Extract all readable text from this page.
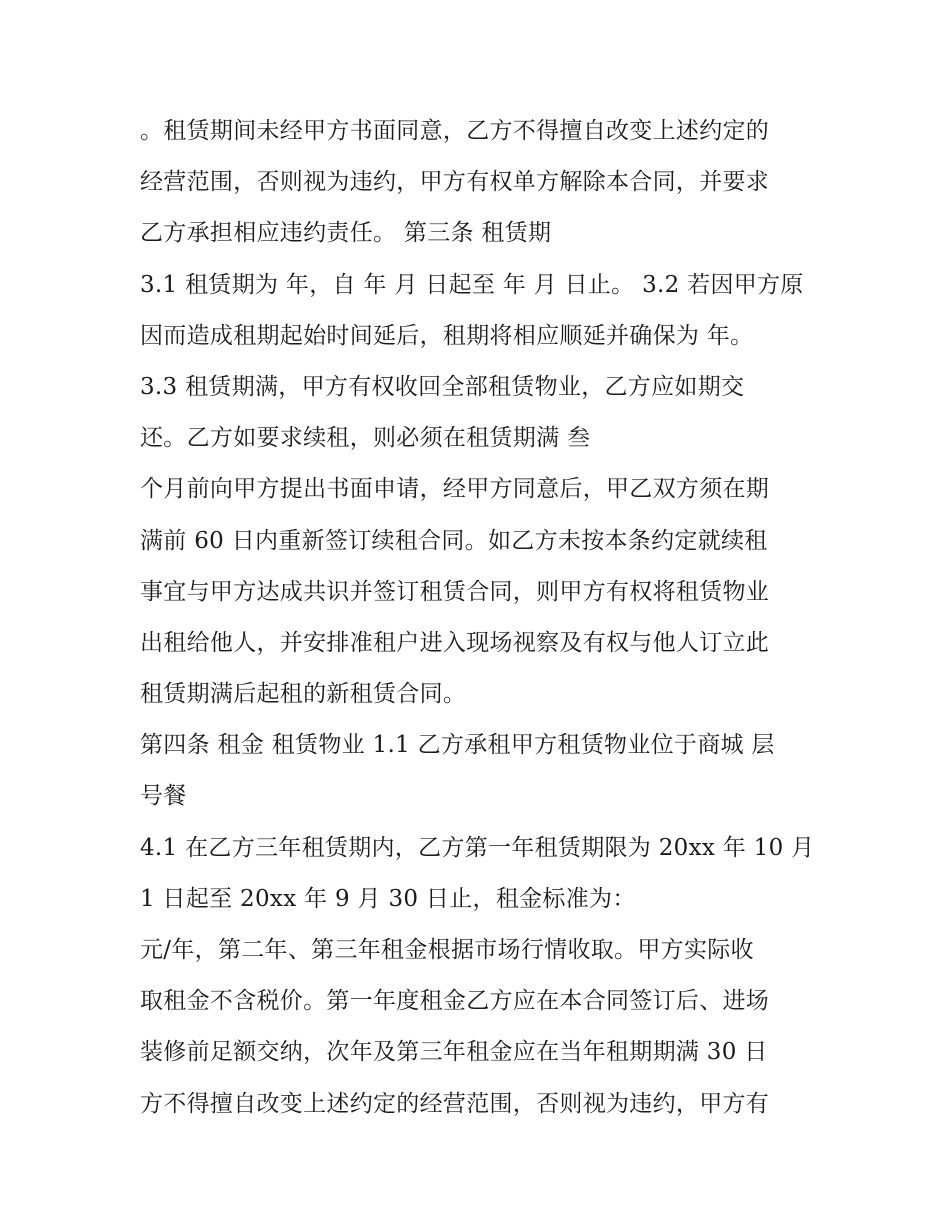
。租赁期间未经甲方书面同意，乙方不得擅自改变上述约定的
经营范围，否则视为违约，甲方有权单方解除本合同，并要求
乙方承担相应违约责任。 第三条 租赁期
3.1 租赁期为 年，自 年 月 日起至 年 月 日止。 3.2 若因甲方原
因而造成租期起始时间延后，租期将相应顺延并确保为 年。
3.3 租赁期满，甲方有权收回全部租赁物业，乙方应如期交
还。乙方如要求续租，则必须在租赁期满 叁
个月前向甲方提出书面申请，经甲方同意后，甲乙双方须在期
满前 60 日内重新签订续租合同。如乙方未按本条约定就续租
事宜与甲方达成共识并签订租赁合同，则甲方有权将租赁物业
出租给他人，并安排准租户进入现场视察及有权与他人订立此
租赁期满后起租的新租赁合同。
第四条 租金 租赁物业 1.1 乙方承租甲方租赁物业位于商城 层
号餐
4.1 在乙方三年租赁期内，乙方第一年租赁期限为 20xx 年 10 月
1 日起至 20xx 年 9 月 30 日止，租金标准为：
元/年，第二年、第三年租金根据市场行情收取。甲方实际收
取租金不含税价。第一年度租金乙方应在本合同签订后、进场
装修前足额交纳，次年及第三年租金应在当年租期期满 30 日
方不得擅自改变上述约定的经营范围，否则视为违约，甲方有
